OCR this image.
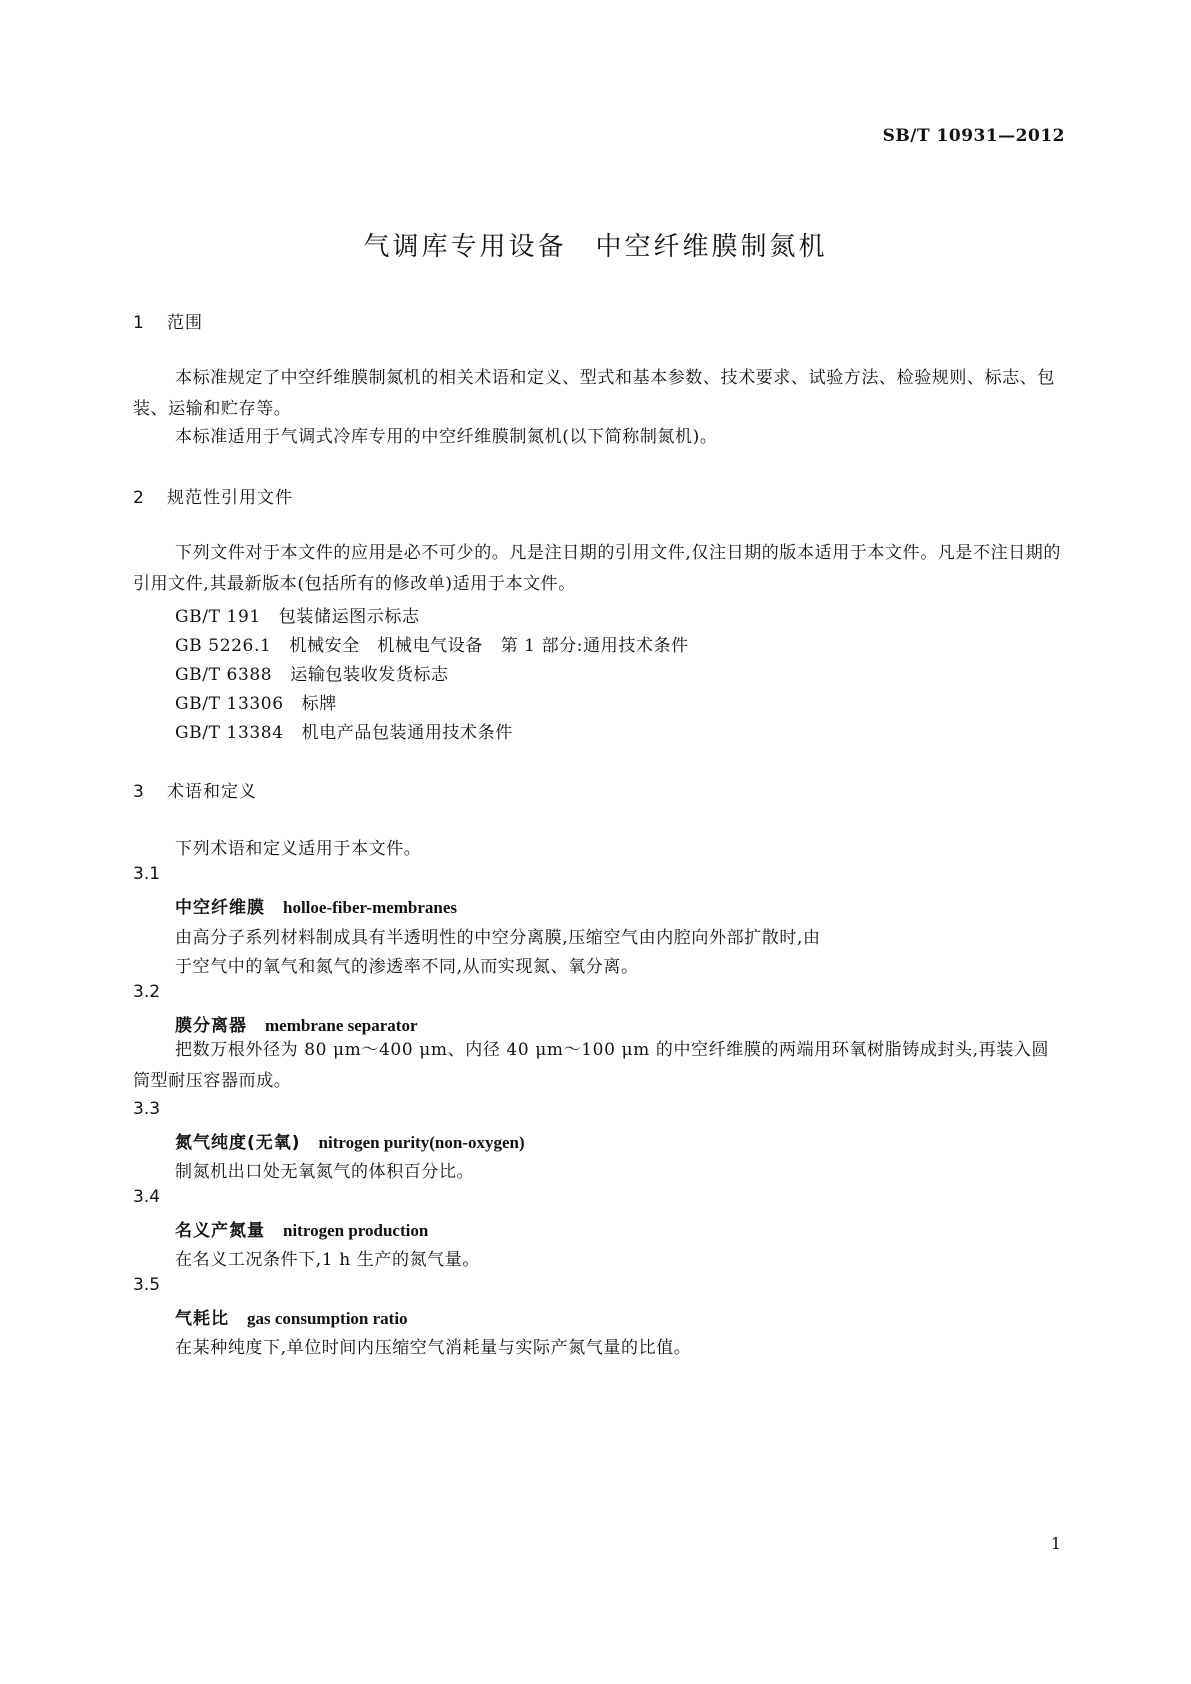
SB/T 10931—2012
气调库专用设备　中空纤维膜制氮机
1 范围
本标准规定了中空纤维膜制氮机的相关术语和定义、型式和基本参数、技术要求、试验方法、检验规则、标志、包装、运输和贮存等。
本标准适用于气调式冷库专用的中空纤维膜制氮机(以下简称制氮机)。
2 规范性引用文件
下列文件对于本文件的应用是必不可少的。凡是注日期的引用文件,仅注日期的版本适用于本文件。凡是不注日期的引用文件,其最新版本(包括所有的修改单)适用于本文件。
GB/T 191 包装储运图示标志
GB 5226.1 机械安全　机械电气设备　第 1 部分:通用技术条件
GB/T 6388 运输包装收发货标志
GB/T 13306 标牌
GB/T 13384 机电产品包装通用技术条件
3 术语和定义
下列术语和定义适用于本文件。
3.1
中空纤维膜 holloe-fiber-membranes
由高分子系列材料制成具有半透明性的中空分离膜,压缩空气由内腔向外部扩散时,由
于空气中的氧气和氮气的渗透率不同,从而实现氮、氧分离。
3.2
膜分离器 membrane separator
把数万根外径为 80 μm～400 μm、内径 40 μm～100 μm 的中空纤维膜的两端用环氧树脂铸成封头,再装入圆筒型耐压容器而成。
3.3
氮气纯度(无氧) nitrogen purity(non-oxygen)
制氮机出口处无氧氮气的体积百分比。
3.4
名义产氮量 nitrogen production
在名义工况条件下,1 h 生产的氮气量。
3.5
气耗比 gas consumption ratio
在某种纯度下,单位时间内压缩空气消耗量与实际产氮气量的比值。
1
